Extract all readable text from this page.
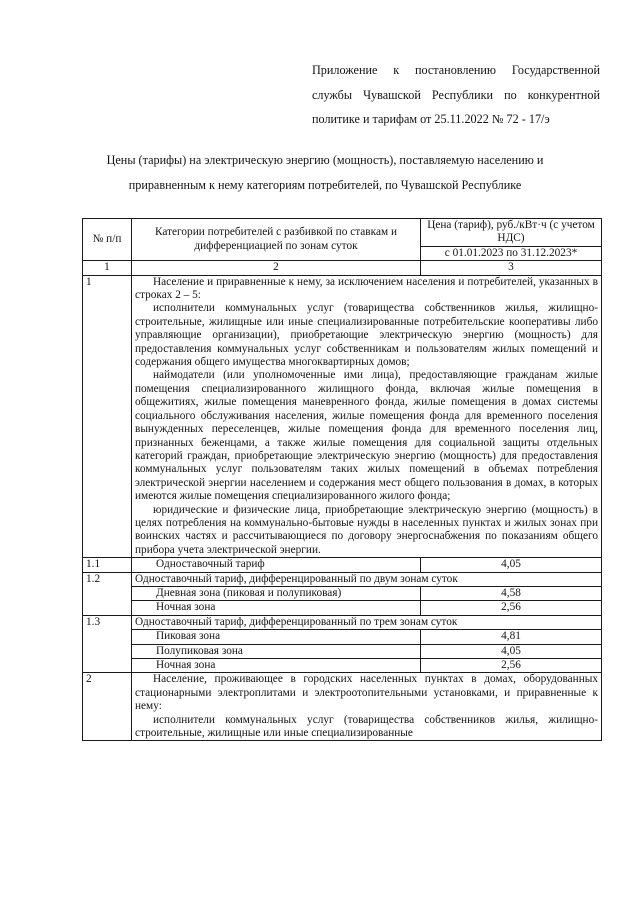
Приложение к постановлению Государственной
службы Чувашской Республики по конкурентной
политике и тарифам от 25.11.2022 № 72 - 17/э
Цены (тарифы) на электрическую энергию (мощность), поставляемую населению и
приравненным к нему категориям потребителей, по Чувашской Республике
№ п/п	Категории потребителей с разбивкой по ставкам и дифференциацией по зонам суток	Цена (тариф), руб./кВт·ч (с учетом НДС)
		с 01.01.2023 по 31.12.2023*
1	2	3
1	Население и приравненные к нему, за исключением населения и потребителей, указанных в строках 2 – 5:

исполнители коммунальных услуг (товарищества собственников жилья, жилищно-строительные, жилищные или иные специализированные потребительские кооперативы либо управляющие организации), приобретающие электрическую энергию (мощность) для предоставления коммунальных услуг собственникам и пользователям жилых помещений и содержания общего имущества многоквартирных домов;

наймодатели (или уполномоченные ими лица), предоставляющие гражданам жилые помещения специализированного жилищного фонда, включая жилые помещения в общежитиях, жилые помещения маневренного фонда, жилые помещения в домах системы социального обслуживания населения, жилые помещения фонда для временного поселения вынужденных переселенцев, жилые помещения фонда для временного поселения лиц, признанных беженцами, а также жилые помещения для социальной защиты отдельных категорий граждан, приобретающие электрическую энергию (мощность) для предоставления коммунальных услуг пользователям таких жилых помещений в объемах потребления электрической энергии населением и содержания мест общего пользования в домах, в которых имеются жилые помещения специализированного жилого фонда;

юридические и физические лица, приобретающие электрическую энергию (мощность) в целях потребления на коммунально-бытовые нужды в населенных пунктах и жилых зонах при воинских частях и рассчитывающиеся по договору энергоснабжения по показаниям общего прибора учета электрической энергии.	

1.1	Одноставочный тариф	4,05
1.2	Одноставочный тариф, дифференцированный по двум зонам суток	
	Дневная зона (пиковая и полупиковая)	4,58
	Ночная зона	2,56
1.3	Одноставочный тариф, дифференцированный по трем зонам суток	
	Пиковая зона	4,81
	Полупиковая зона	4,05
	Ночная зона	2,56
2	Население, проживающее в городских населенных пунктах в домах, оборудованных стационарными электроплитами и электроотопительными установками, и приравненные к нему:

исполнители коммунальных услуг (товарищества собственников жилья, жилищно-строительные, жилищные или иные специализированные	
